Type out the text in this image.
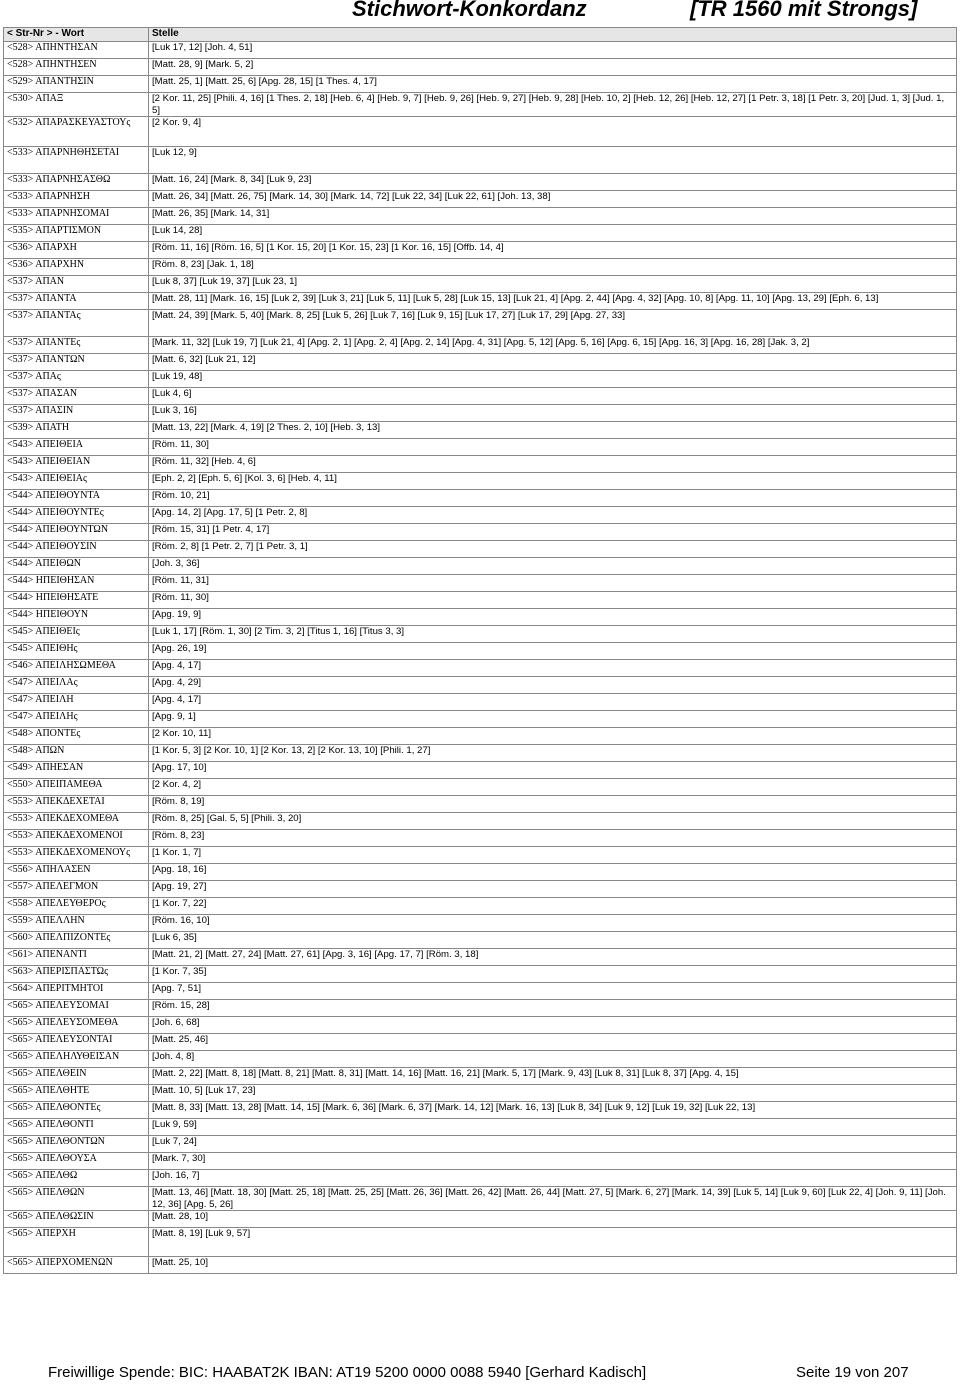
Stichwort-Konkordanz	[TR 1560 mit Strongs]
< Str-Nr > - Wort	Stelle
<528> ΑΠΗΝΤΗΣΑΝ	[Luk 17, 12] [Joh. 4, 51]
<528> ΑΠΗΝΤΗΣΕΝ	[Matt. 28, 9] [Mark. 5, 2]
<529> ΑΠΑΝΤΗΣΙΝ	[Matt. 25, 1] [Matt. 25, 6] [Apg. 28, 15] [1 Thes. 4, 17]
<530> ΑΠΑΞ	[2 Kor. 11, 25] [Phili. 4, 16] [1 Thes. 2, 18] [Heb. 6, 4] [Heb. 9, 7] [Heb. 9, 26] [Heb. 9, 27] [Heb. 9, 28] [Heb. 10, 2] [Heb. 12, 26] [Heb. 12, 27] [1 Petr. 3, 18] [1 Petr. 3, 20] [Jud. 1, 3] [Jud. 1, 5]
<532> ΑΠΑΡΑΣΚΕΥΑΣΤΟΥς	[2 Kor. 9, 4]
<533> ΑΠΑΡΝΗΘΗΣΕΤΑΙ	[Luk 12, 9]
<533> ΑΠΑΡΝΗΣΑΣΘΩ	[Matt. 16, 24] [Mark. 8, 34] [Luk 9, 23]
<533> ΑΠΑΡΝΗΣΗ	[Matt. 26, 34] [Matt. 26, 75] [Mark. 14, 30] [Mark. 14, 72] [Luk 22, 34] [Luk 22, 61] [Joh. 13, 38]
<533> ΑΠΑΡΝΗΣΟΜΑΙ	[Matt. 26, 35] [Mark. 14, 31]
<535> ΑΠΑΡΤΙΣΜΟΝ	[Luk 14, 28]
<536> ΑΠΑΡΧΗ	[Röm. 11, 16] [Röm. 16, 5] [1 Kor. 15, 20] [1 Kor. 15, 23] [1 Kor. 16, 15] [Offb. 14, 4]
<536> ΑΠΑΡΧΗΝ	[Röm. 8, 23] [Jak. 1, 18]
<537> ΑΠΑΝ	[Luk 8, 37] [Luk 19, 37] [Luk 23, 1]
<537> ΑΠΑΝΤΑ	[Matt. 28, 11] [Mark. 16, 15] [Luk 2, 39] [Luk 3, 21] [Luk 5, 11] [Luk 5, 28] [Luk 15, 13] [Luk 21, 4] [Apg. 2, 44] [Apg. 4, 32] [Apg. 10, 8] [Apg. 11, 10] [Apg. 13, 29] [Eph. 6, 13]
<537> ΑΠΑΝΤΑς	[Matt. 24, 39] [Mark. 5, 40] [Mark. 8, 25] [Luk 5, 26] [Luk 7, 16] [Luk 9, 15] [Luk 17, 27] [Luk 17, 29] [Apg. 27, 33]
<537> ΑΠΑΝΤΕς	[Mark. 11, 32] [Luk 19, 7] [Luk 21, 4] [Apg. 2, 1] [Apg. 2, 4] [Apg. 2, 14] [Apg. 4, 31] [Apg. 5, 12] [Apg. 5, 16] [Apg. 6, 15] [Apg. 16, 3] [Apg. 16, 28] [Jak. 3, 2]
<537> ΑΠΑΝΤΩΝ	[Matt. 6, 32] [Luk 21, 12]
<537> ΑΠΑς	[Luk 19, 48]
<537> ΑΠΑΣΑΝ	[Luk 4, 6]
<537> ΑΠΑΣΙΝ	[Luk 3, 16]
<539> ΑΠΑΤΗ	[Matt. 13, 22] [Mark. 4, 19] [2 Thes. 2, 10] [Heb. 3, 13]
<543> ΑΠΕΙΘΕΙΑ	[Röm. 11, 30]
<543> ΑΠΕΙΘΕΙΑΝ	[Röm. 11, 32] [Heb. 4, 6]
<543> ΑΠΕΙΘΕΙΑς	[Eph. 2, 2] [Eph. 5, 6] [Kol. 3, 6] [Heb. 4, 11]
<544> ΑΠΕΙΘΟΥΝΤΑ	[Röm. 10, 21]
<544> ΑΠΕΙΘΟΥΝΤΕς	[Apg. 14, 2] [Apg. 17, 5] [1 Petr. 2, 8]
<544> ΑΠΕΙΘΟΥΝΤΩΝ	[Röm. 15, 31] [1 Petr. 4, 17]
<544> ΑΠΕΙΘΟΥΣΙΝ	[Röm. 2, 8] [1 Petr. 2, 7] [1 Petr. 3, 1]
<544> ΑΠΕΙΘΩΝ	[Joh. 3, 36]
<544> ΗΠΕΙΘΗΣΑΝ	[Röm. 11, 31]
<544> ΗΠΕΙΘΗΣΑΤΕ	[Röm. 11, 30]
<544> ΗΠΕΙΘΟΥΝ	[Apg. 19, 9]
<545> ΑΠΕΙΘΕΙς	[Luk 1, 17] [Röm. 1, 30] [2 Tim. 3, 2] [Titus 1, 16] [Titus 3, 3]
<545> ΑΠΕΙΘΗς	[Apg. 26, 19]
<546> ΑΠΕΙΛΗΣΩΜΕΘΑ	[Apg. 4, 17]
<547> ΑΠΕΙΛΑς	[Apg. 4, 29]
<547> ΑΠΕΙΛΗ	[Apg. 4, 17]
<547> ΑΠΕΙΛΗς	[Apg. 9, 1]
<548> ΑΠΟΝΤΕς	[2 Kor. 10, 11]
<548> ΑΠΩΝ	[1 Kor. 5, 3] [2 Kor. 10, 1] [2 Kor. 13, 2] [2 Kor. 13, 10] [Phili. 1, 27]
<549> ΑΠΗΕΣΑΝ	[Apg. 17, 10]
<550> ΑΠΕΙΠΑΜΕΘΑ	[2 Kor. 4, 2]
<553> ΑΠΕΚΔΕΧΕΤΑΙ	[Röm. 8, 19]
<553> ΑΠΕΚΔΕΧΟΜΕΘΑ	[Röm. 8, 25] [Gal. 5, 5] [Phili. 3, 20]
<553> ΑΠΕΚΔΕΧΟΜΕΝΟΙ	[Röm. 8, 23]
<553> ΑΠΕΚΔΕΧΟΜΕΝΟΥς	[1 Kor. 1, 7]
<556> ΑΠΗΛΑΣΕΝ	[Apg. 18, 16]
<557> ΑΠΕΛΕΓΜΟΝ	[Apg. 19, 27]
<558> ΑΠΕΛΕΥΘΕΡΟς	[1 Kor. 7, 22]
<559> ΑΠΕΛΛΗΝ	[Röm. 16, 10]
<560> ΑΠΕΛΠΙΖΟΝΤΕς	[Luk 6, 35]
<561> ΑΠΕΝΑΝΤΙ	[Matt. 21, 2] [Matt. 27, 24] [Matt. 27, 61] [Apg. 3, 16] [Apg. 17, 7] [Röm. 3, 18]
<563> ΑΠΕΡΙΣΠΑΣΤΩς	[1 Kor. 7, 35]
<564> ΑΠΕΡΙΤΜΗΤΟΙ	[Apg. 7, 51]
<565> ΑΠΕΛΕΥΣΟΜΑΙ	[Röm. 15, 28]
<565> ΑΠΕΛΕΥΣΟΜΕΘΑ	[Joh. 6, 68]
<565> ΑΠΕΛΕΥΣΟΝΤΑΙ	[Matt. 25, 46]
<565> ΑΠΕΛΗΛΥΘΕΙΣΑΝ	[Joh. 4, 8]
<565> ΑΠΕΛΘΕΙΝ	[Matt. 2, 22] [Matt. 8, 18] [Matt. 8, 21] [Matt. 8, 31] [Matt. 14, 16] [Matt. 16, 21] [Mark. 5, 17] [Mark. 9, 43] [Luk 8, 31] [Luk 8, 37] [Apg. 4, 15]
<565> ΑΠΕΛΘΗΤΕ	[Matt. 10, 5] [Luk 17, 23]
<565> ΑΠΕΛΘΟΝΤΕς	[Matt. 8, 33] [Matt. 13, 28] [Matt. 14, 15] [Mark. 6, 36] [Mark. 6, 37] [Mark. 14, 12] [Mark. 16, 13] [Luk 8, 34] [Luk 9, 12] [Luk 19, 32] [Luk 22, 13]
<565> ΑΠΕΛΘΟΝΤΙ	[Luk 9, 59]
<565> ΑΠΕΛΘΟΝΤΩΝ	[Luk 7, 24]
<565> ΑΠΕΛΘΟΥΣΑ	[Mark. 7, 30]
<565> ΑΠΕΛΘΩ	[Joh. 16, 7]
<565> ΑΠΕΛΘΩΝ	[Matt. 13, 46] [Matt. 18, 30] [Matt. 25, 18] [Matt. 25, 25] [Matt. 26, 36] [Matt. 26, 42] [Matt. 26, 44] [Matt. 27, 5] [Mark. 6, 27] [Mark. 14, 39] [Luk 5, 14] [Luk 9, 60] [Luk 22, 4] [Joh. 9, 11] [Joh. 12, 36] [Apg. 5, 26]
<565> ΑΠΕΛΘΩΣΙΝ	[Matt. 28, 10]
<565> ΑΠΕΡΧΗ	[Matt. 8, 19] [Luk 9, 57]
<565> ΑΠΕΡΧΟΜΕΝΩΝ	[Matt. 25, 10]
Freiwillige Spende: BIC: HAABAT2K IBAN: AT19 5200 0000 0088 5940 [Gerhard Kadisch]	Seite 19 von 207
